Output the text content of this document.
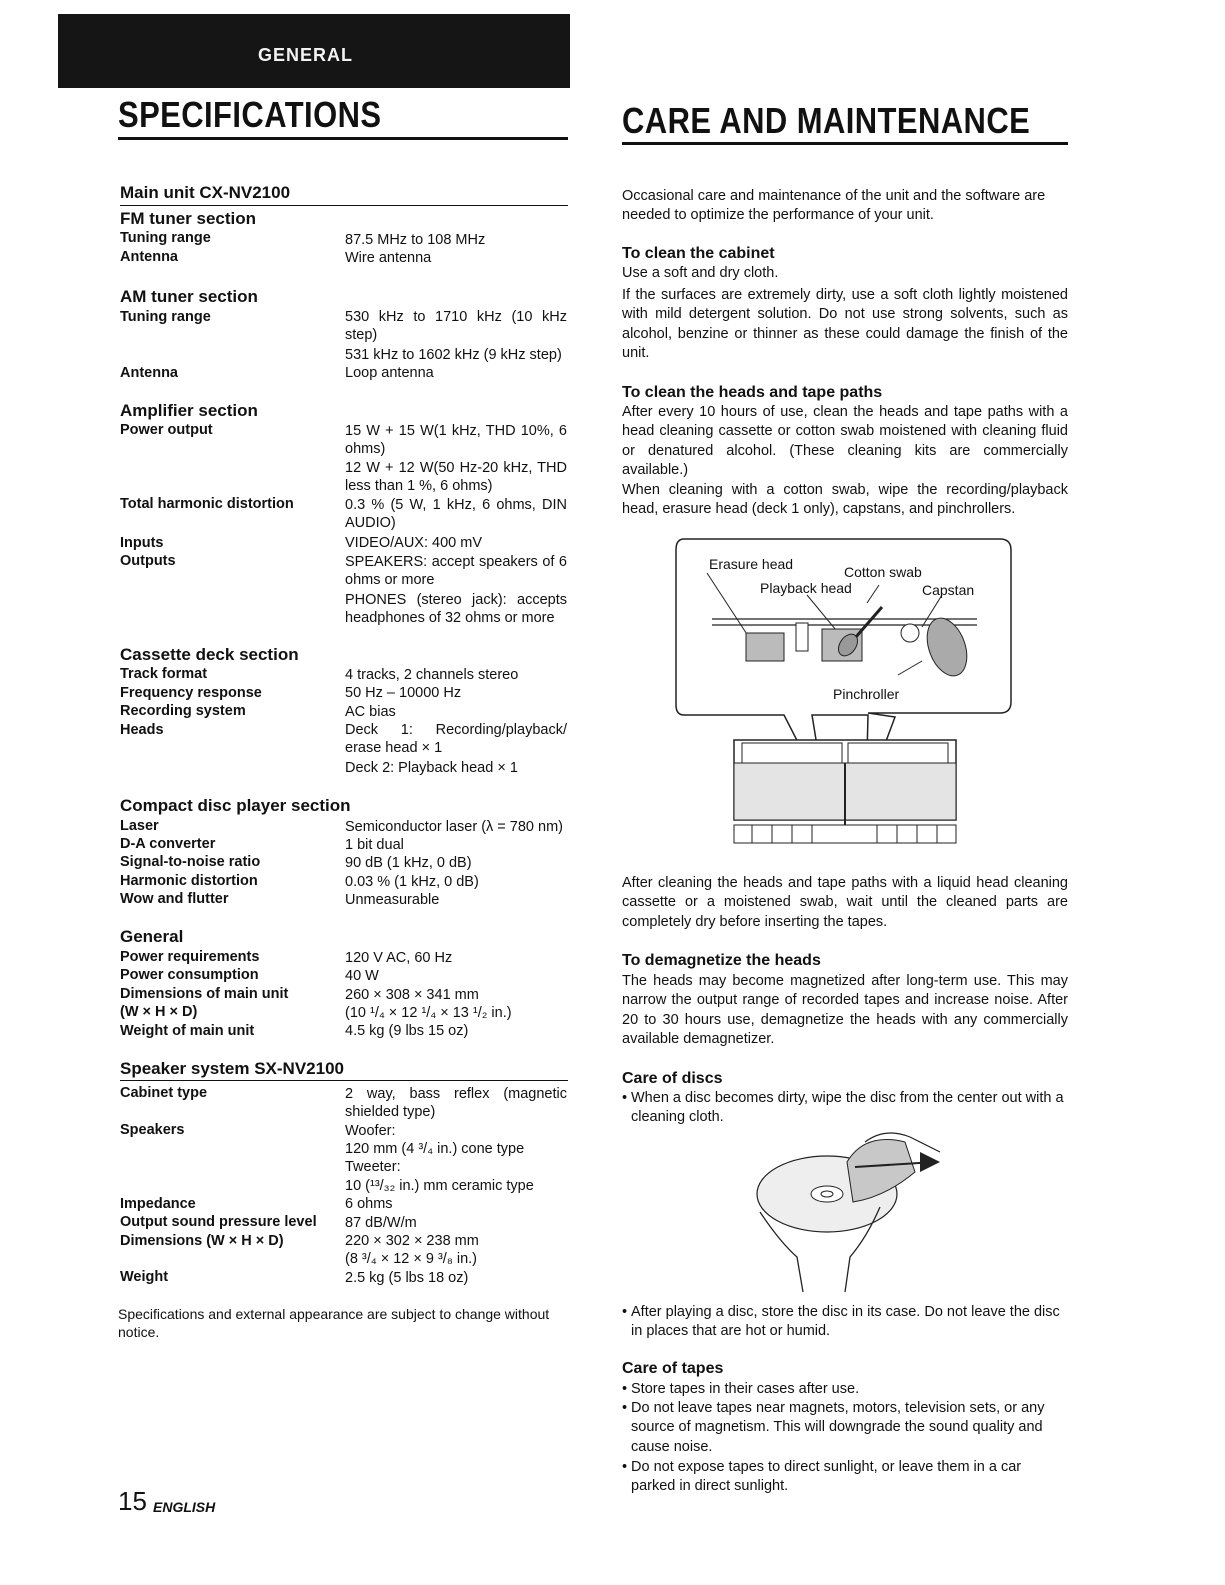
GENERAL
SPECIFICATIONS	CARE AND MAINTENANCE
Main unit CX-NV2100
FM tuner section
Tuning range	87.5 MHz to 108 MHz
Antenna	Wire antenna
AM tuner section
Tuning range	530 kHz to 1710 kHz (10 kHz step)
531 kHz to 1602 kHz (9 kHz step)
Antenna	Loop antenna
Amplifier section
Power output	15 W + 15 W(1 kHz, THD 10%, 6 ohms)
12 W + 12 W(50 Hz-20 kHz, THD less than 1 %, 6 ohms)
Total harmonic distortion	0.3 % (5 W, 1 kHz, 6 ohms, DIN AUDIO)
Inputs	VIDEO/AUX: 400 mV
Outputs	SPEAKERS: accept speakers of 6 ohms or more
PHONES (stereo jack): accepts headphones of 32 ohms or more
Cassette deck section
Track format	4 tracks, 2 channels stereo
Frequency response	50 Hz – 10000 Hz
Recording system	AC bias
Heads	Deck 1: Recording/playback/ erase head × 1
Deck 2: Playback head × 1
Compact disc player section
Laser	Semiconductor laser (λ = 780 nm)
D-A converter	1 bit dual
Signal-to-noise ratio	90 dB (1 kHz, 0 dB)
Harmonic distortion	0.03 % (1 kHz, 0 dB)
Wow and flutter	Unmeasurable
General
Power requirements	120 V AC, 60 Hz
Power consumption	40 W
Dimensions of main unit	260 × 308 × 341 mm
(W × H × D)	(10 ¹/₄ × 12 ¹/₄ × 13 ¹/₂ in.)
Weight of main unit	4.5 kg (9 lbs 15 oz)
Speaker system SX-NV2100
Cabinet type	2 way, bass reflex (magnetic shielded type)
Speakers	Woofer:
120 mm (4 ³/₄ in.) cone type
Tweeter:
10 (¹³/₃₂ in.) mm ceramic type
Impedance	6 ohms
Output sound pressure level 87 dB/W/m
Dimensions (W × H × D)	220 × 302 × 238 mm
(8 ³/₄ × 12 × 9 ³/₈ in.)
Weight	2.5 kg (5 lbs 18 oz)
Specifications and external appearance are subject to change without notice.
Occasional care and maintenance of the unit and the software are needed to optimize the performance of your unit.
To clean the cabinet
Use a soft and dry cloth.
If the surfaces are extremely dirty, use a soft cloth lightly moistened with mild detergent solution. Do not use strong solvents, such as alcohol, benzine or thinner as these could damage the finish of the unit.
To clean the heads and tape paths
After every 10 hours of use, clean the heads and tape paths with a head cleaning cassette or cotton swab moistened with cleaning fluid or denatured alcohol. (These cleaning kits are commercially available.)
When cleaning with a cotton swab, wipe the recording/playback head, erasure head (deck 1 only), capstans, and pinchrollers.
Erasure head	Cotton swab
Playback head	Capstan
Pinchroller
After cleaning the heads and tape paths with a liquid head cleaning cassette or a moistened swab, wait until the cleaned parts are completely dry before inserting the tapes.
To demagnetize the heads
The heads may become magnetized after long-term use. This may narrow the output range of recorded tapes and increase noise. After 20 to 30 hours use, demagnetize the heads with any commercially available demagnetizer.
Care of discs
• When a disc becomes dirty, wipe the disc from the center out with a cleaning cloth.
• After playing a disc, store the disc in its case. Do not leave the disc in places that are hot or humid.
Care of tapes
• Store tapes in their cases after use.
• Do not leave tapes near magnets, motors, television sets, or any source of magnetism. This will downgrade the sound quality and cause noise.
• Do not expose tapes to direct sunlight, or leave them in a car parked in direct sunlight.
15 ENGLISH
